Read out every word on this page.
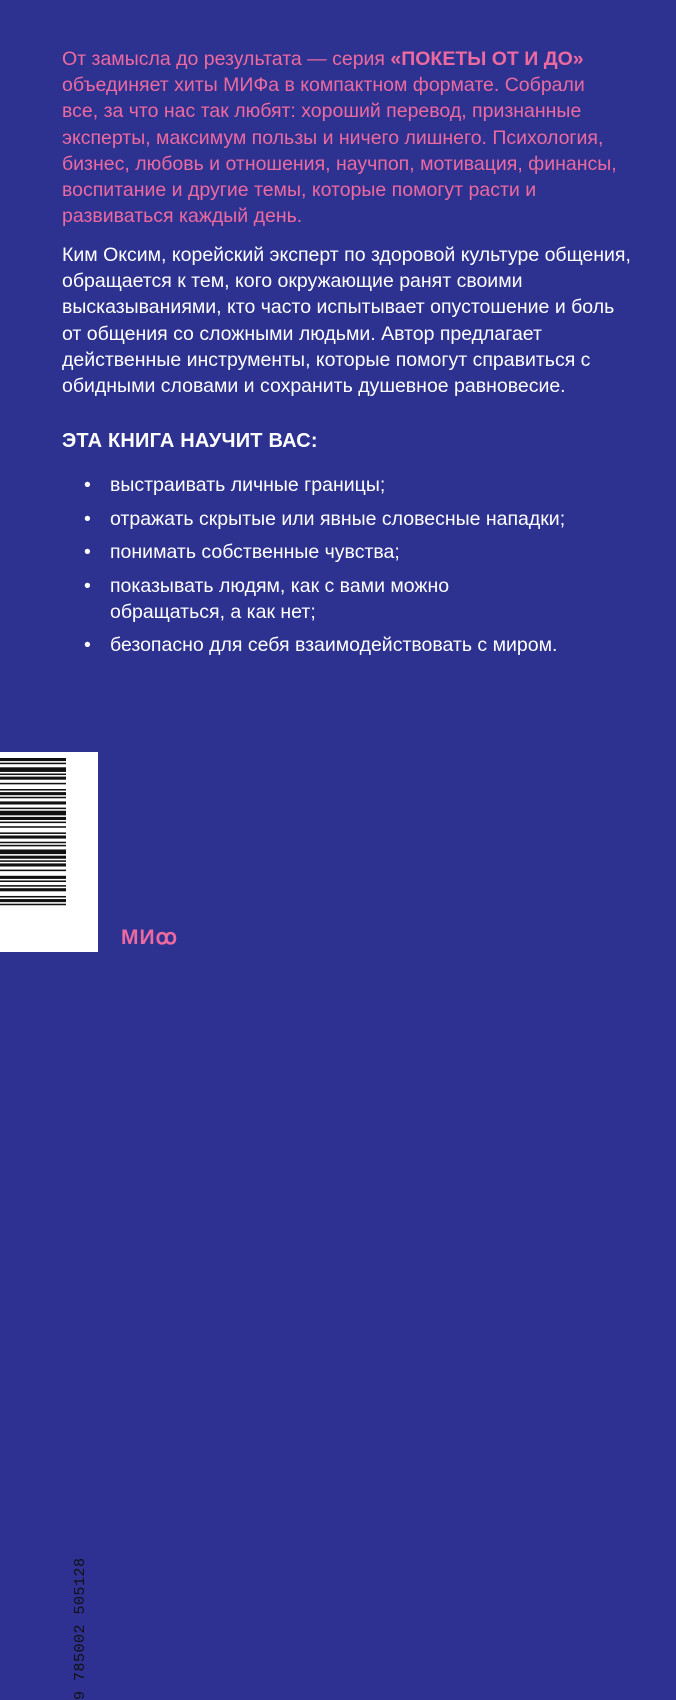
От замысла до результата — серия «ПОКЕТЫ ОТ И ДО» объединяет хиты МИФа в компактном формате. Собрали все, за что нас так любят: хороший перевод, признанные эксперты, максимум пользы и ничего лишнего. Психология, бизнес, любовь и отношения, научпоп, мотивация, финансы, воспитание и другие темы, которые помогут расти и развиваться каждый день.

Ким Оксим, корейский эксперт по здоровой культуре общения, обращается к тем, кого окружающие ранят своими высказываниями, кто часто испытывает опустошение и боль от общения со сложными людьми. Автор предлагает действенные инструменты, которые помогут справиться с обидными словами и сохранить душевное равновесие.

ЭТА КНИГА НАУЧИТ ВАС:
• выстраивать личные границы;
• отражать скрытые или явные словесные нападки;
• понимать собственные чувства;
• показывать людям, как с вами можно обращаться, а как нет;
• безопасно для себя взаимодействовать с миром.
9 785002 505128
МИꝏ
